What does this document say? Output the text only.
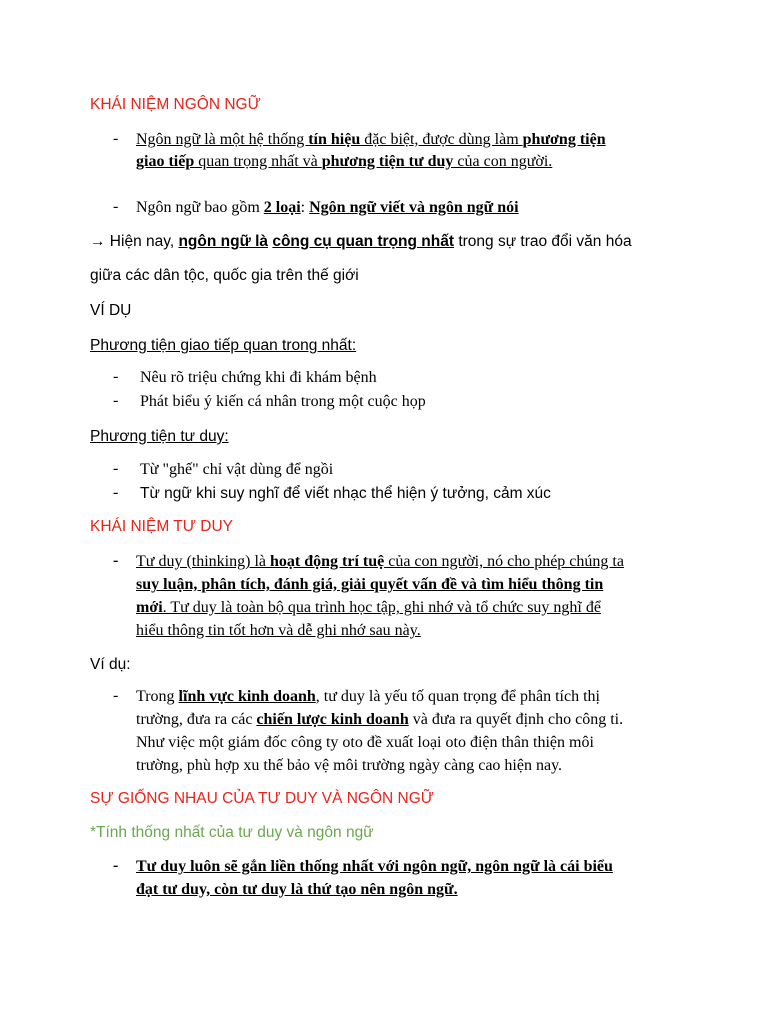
KHÁI NIỆM NGÔN NGỮ
- Ngôn ngữ là một hệ thống tín hiệu đặc biệt, được dùng làm phương tiện
giao tiếp quan trọng nhất và phương tiện tư duy của con người.
- Ngôn ngữ bao gồm 2 loại: Ngôn ngữ viết và ngôn ngữ nói
→ Hiện nay, ngôn ngữ là công cụ quan trọng nhất trong sự trao đổi văn hóa
giữa các dân tộc, quốc gia trên thế giới
VÍ DỤ
Phương tiện giao tiếp quan trong nhất:
- Nêu rõ triệu chứng khi đi khám bệnh
- Phát biểu ý kiến cá nhân trong một cuộc họp
Phương tiện tư duy:
- Từ "ghế" chỉ vật dùng để ngồi
- Từ ngữ khi suy nghĩ để viết nhạc thể hiện ý tưởng, cảm xúc
KHÁI NIỆM TƯ DUY
- Tư duy (thinking) là hoạt động trí tuệ của con người, nó cho phép chúng ta
suy luận, phân tích, đánh giá, giải quyết vấn đề và tìm hiểu thông tin
mới. Tư duy là toàn bộ qua trình học tập, ghi nhớ và tổ chức suy nghĩ để
hiểu thông tin tốt hơn và dễ ghi nhớ sau này.
Ví dụ:
- Trong lĩnh vực kinh doanh, tư duy là yếu tố quan trọng để phân tích thị
trường, đưa ra các chiến lược kinh doanh và đưa ra quyết định cho công ti.
Như việc một giám đốc công ty oto đề xuất loại oto điện thân thiện môi
trường, phù hợp xu thế bảo vệ môi trường ngày càng cao hiện nay.
SỰ GIỐNG NHAU CỦA TƯ DUY VÀ NGÔN NGỮ
*Tính thống nhất của tư duy và ngôn ngữ
- Tư duy luôn sẽ gắn liền thống nhất với ngôn ngữ, ngôn ngữ là cái biểu
đạt tư duy, còn tư duy là thứ tạo nên ngôn ngữ.
